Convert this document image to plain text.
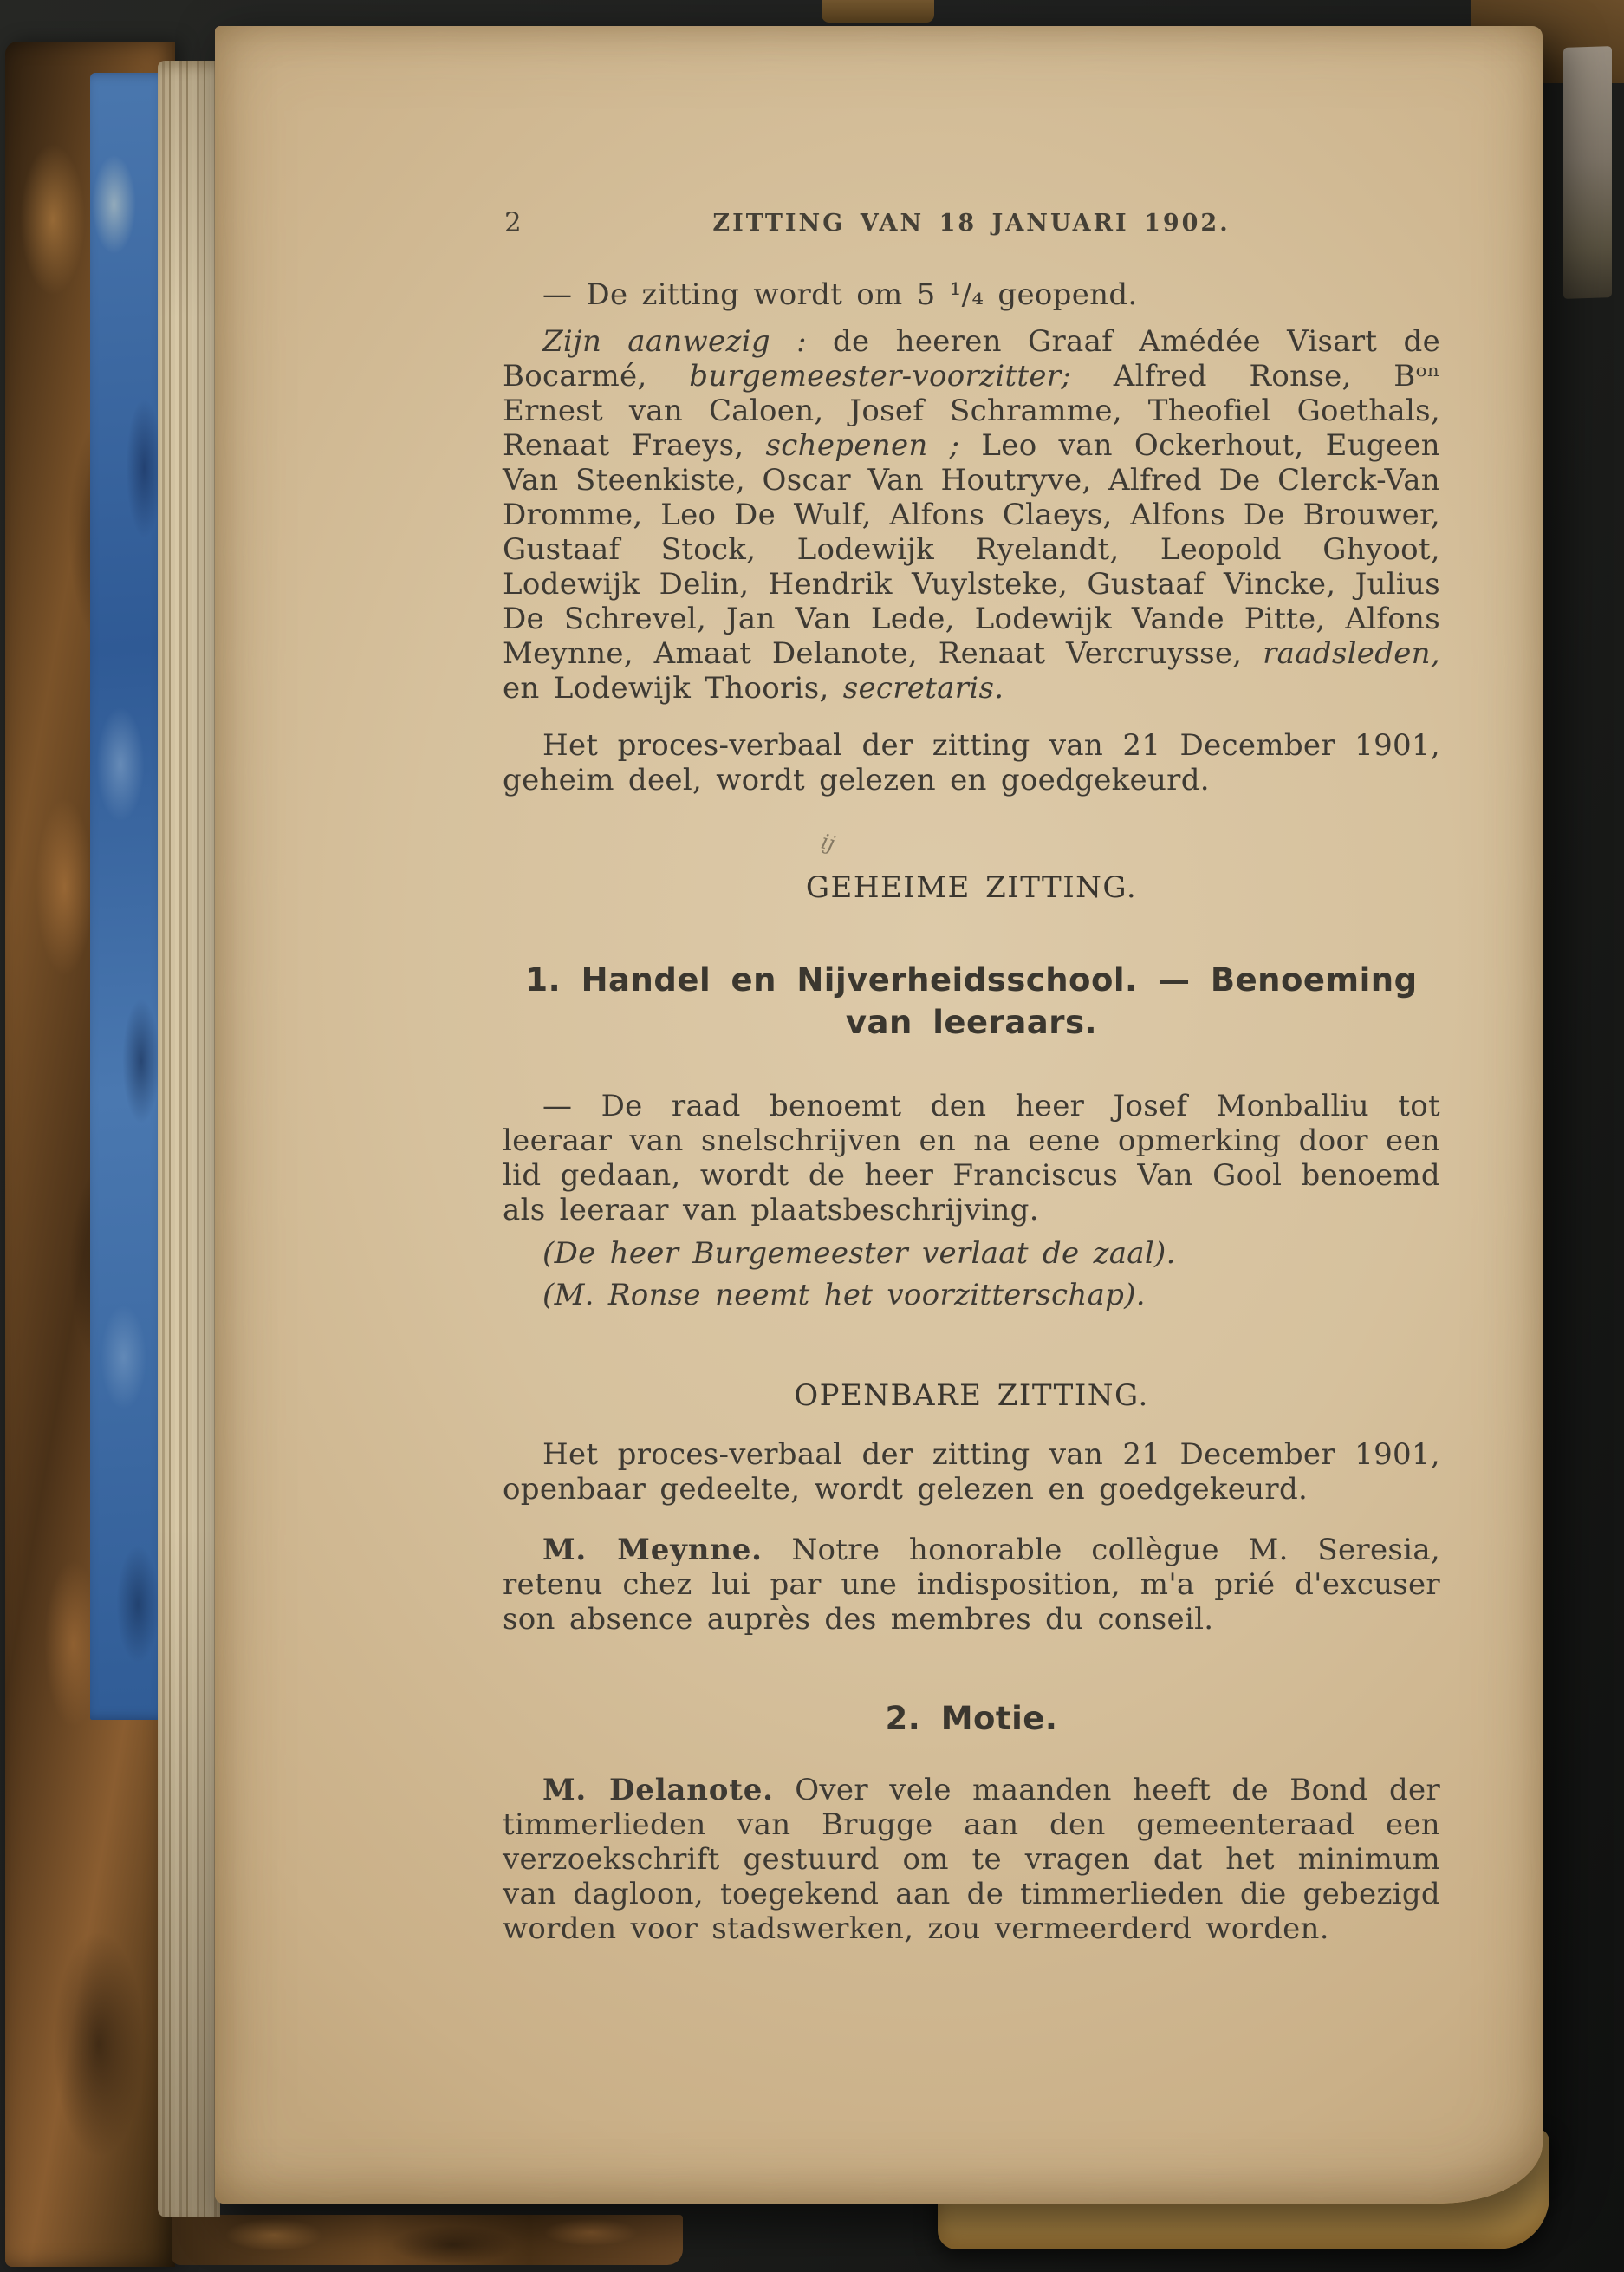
2	ZITTING VAN 18 JANUARI 1902.

— De zitting wordt om 5 ¹/₄ geopend.

Zijn aanwezig : de heeren Graaf Amédée Visart de Bocarmé, burgemeester-voorzitter; Alfred Ronse, Bᵒⁿ Ernest van Caloen, Josef Schramme, Theofiel Goethals, Renaat Fraeys, schepenen ; Leo van Ockerhout, Eugeen Van Steenkiste, Oscar Van Houtryve, Alfred De Clerck-Van Dromme, Leo De Wulf, Alfons Claeys, Alfons De Brouwer, Gustaaf Stock, Lodewijk Ryelandt, Leopold Ghyoot, Lodewijk Delin, Hendrik Vuylsteke, Gustaaf Vincke, Julius De Schrevel, Jan Van Lede, Lodewijk Vande Pitte, Alfons Meynne, Amaat Delanote, Renaat Vercruysse, raadsleden, en Lodewijk Thooris, secretaris.

Het proces-verbaal der zitting van 21 December 1901, geheim deel, wordt gelezen en goedgekeurd.

GEHEIME ZITTING.

1. Handel en Nijverheidsschool. — Benoeming van leeraars.

— De raad benoemt den heer Josef Monballiu tot leeraar van snelschrijven en na eene opmerking door een lid gedaan, wordt de heer Franciscus Van Gool benoemd als leeraar van plaatsbeschrijving.

(De heer Burgemeester verlaat de zaal).

(M. Ronse neemt het voorzitterschap).

OPENBARE ZITTING.

Het proces-verbaal der zitting van 21 December 1901, openbaar gedeelte, wordt gelezen en goedgekeurd.

M. Meynne. Notre honorable collègue M. Seresia, retenu chez lui par une indisposition, m'a prié d'excuser son absence auprès des membres du conseil.

2. Motie.

M. Delanote. Over vele maanden heeft de Bond der timmerlieden van Brugge aan den gemeenteraad een verzoekschrift gestuurd om te vragen dat het minimum van dagloon, toegekend aan de timmerlieden die gebezigd worden voor stadswerken, zou vermeerderd worden.

ij
